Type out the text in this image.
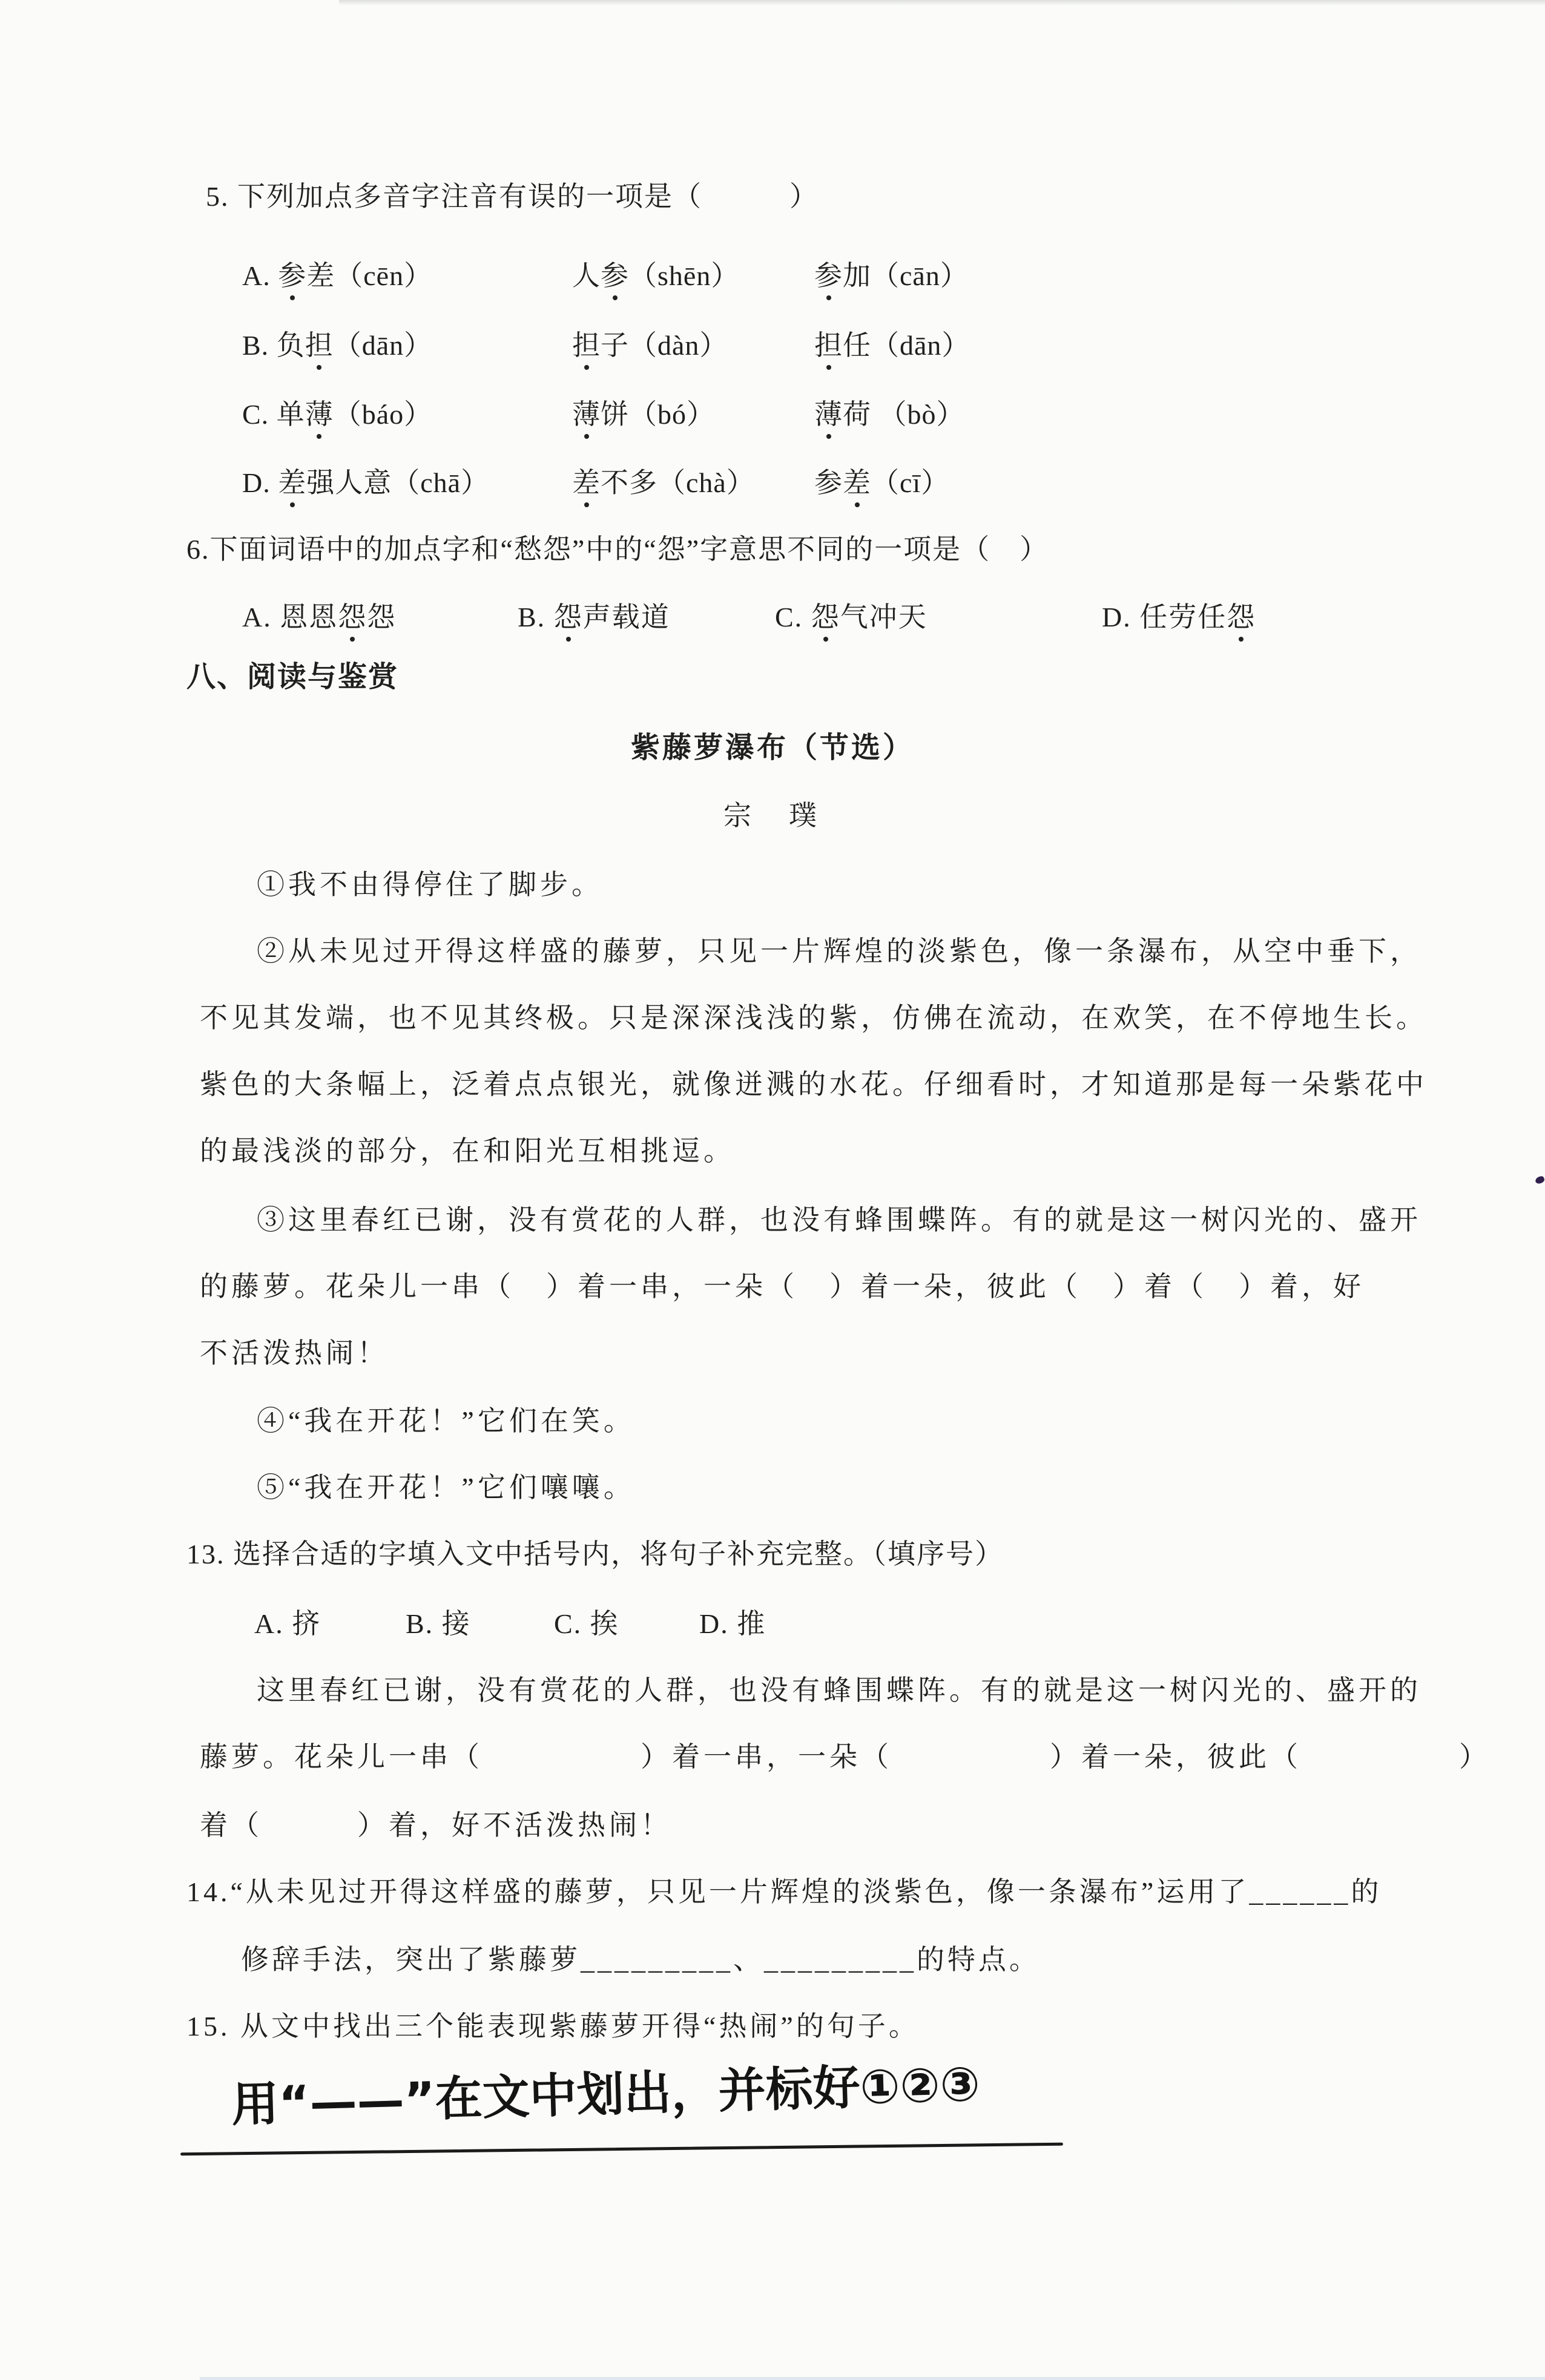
5. 下列加点多音字注音有误的一项是（　　　）
A. 参差（cēn）	人参（shēn）	参加（cān）
B. 负担（dān）	担子（dàn）	担任（dān）
C. 单薄（báo）	薄饼（bó）	薄荷 （bò）
D. 差强人意（chā）	差不多（chà） 参差（cī）
6.下面词语中的加点字和“愁怨”中的“怨”字意思不同的一项是（　）
A. 恩恩怨怨	B. 怨声载道	C. 怨气冲天	D. 任劳任怨
八、阅读与鉴赏
紫藤萝瀑布（节选）
宗　璞
①我不由得停住了脚步。
②从未见过开得这样盛的藤萝，只见一片辉煌的淡紫色，像一条瀑布，从空中垂下，
不见其发端，也不见其终极。只是深深浅浅的紫，仿佛在流动，在欢笑，在不停地生长。
紫色的大条幅上，泛着点点银光，就像迸溅的水花。仔细看时，才知道那是每一朵紫花中
的最浅淡的部分，在和阳光互相挑逗。
③这里春红已谢，没有赏花的人群，也没有蜂围蝶阵。有的就是这一树闪光的、盛开
的藤萝。花朵儿一串（　）着一串，一朵（　）着一朵，彼此（　）着（　）着，好
不活泼热闹！
④“我在开花！”它们在笑。
⑤“我在开花！”它们嚷嚷。
13. 选择合适的字填入文中括号内，将句子补充完整。（填序号）
A. 挤	B. 接	C. 挨	D. 推
这里春红已谢，没有赏花的人群，也没有蜂围蝶阵。有的就是这一树闪光的、盛开的
藤萝。花朵儿一串（　　　　　）着一串，一朵（　　　　　）着一朵，彼此（　　　　　）
着（　　　）着，好不活泼热闹！
14.“从未见过开得这样盛的藤萝，只见一片辉煌的淡紫色，像一条瀑布”运用了______的
修辞手法，突出了紫藤萝_________、_________的特点。
15. 从文中找出三个能表现紫藤萝开得“热闹”的句子。
用“——”在文中划出，并标好①②③
